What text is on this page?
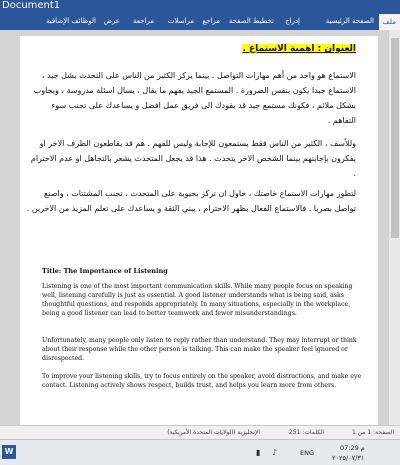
Document1
ملف
الصفحة الرئيسية
إدراج
تخطيط الصفحة
مراجع
مراسلات
مراجعة
عرض
الوظائف الإضافية
العنوان : اهمية الاستماع .
الاستماع هو واحد من أهم مهارات التواصل . بينما يركز الكثير من الناس على التحدث بشل جيد ، الاستماع جيدا يكون بنفس الضرورة . المستمع الجيد يفهم ما يقال ، يسال اسئلة مدروسة ، ويجاوب بشكل ملائم ، فكونك مستمع جيد قد يقودك الى فريق عمل افضل و يساعدك على تجنب سوء التفاهم .
وللأسف ، الكثير من الناس فقط يستمعون للإجابة وليس للفهم . هم قد يقاطعون الطرف الاخر او يفكرون بإجابتهم بينما الشخص الاخر يتحدث . هذا قد يجعل المتحدث يشعر بالتجاهل او عدم الاحترام .
لتطور مهارات الاستماع خاصتك ، حاول ان تركز بحيوية على المتحدث ، تجنب المشتتات ، واصنع تواصل بصريا . فالاستماع الفعال يظهر الاحترام ، يبني الثقة و يساعدك على تعلم المزيد من الاخرين .
Title: The Importance of Listening
Listening is one of the most important communication skills. While many people focus on speaking well, listening carefully is just as essential. A good listener understands what is being said, asks thoughtful questions, and responds appropriately. In many situations, especially in the workplace, being a good listener can lead to better teamwork and fewer misunderstandings.
Unfortunately, many people only listen to reply rather than understand. They may interrupt or think about their response while the other person is talking. This can make the speaker feel ignored or disrespected.
To improve your listening skills, try to focus entirely on the speaker, avoid distractions, and make eye contact. Listening actively shows respect, builds trust, and helps you learn more from others.
الصفحة: 1 من 1
الكلمات: 251
الإنجليزية (الولايات المتحدة الأمريكية)
W	▮ ♪	ENG
م 07:29
٢٠٢٥/٠٧/٣١
